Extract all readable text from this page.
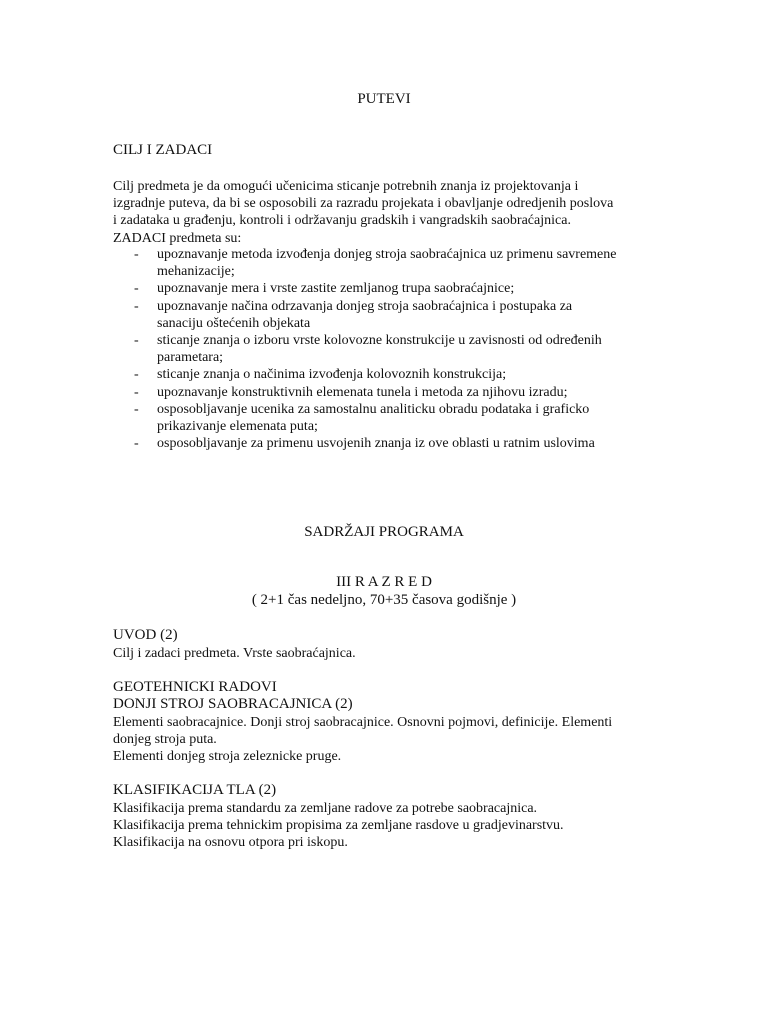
PUTEVI
CILJ I ZADACI
Cilj predmeta je da omogući učenicima sticanje potrebnih znanja iz projektovanja i
izgradnje puteva, da bi se osposobili za razradu projekata i obavljanje odredjenih poslova
i zadataka u građenju, kontroli i održavanju gradskih i vangradskih saobraćajnica.
ZADACI predmeta su:
- upoznavanje metoda izvođenja donjeg stroja saobraćajnica uz primenu savremene
mehanizacije;
- upoznavanje mera i vrste zastite zemljanog trupa saobraćajnice;
- upoznavanje načina odrzavanja donjeg stroja saobraćajnica i postupaka za
sanaciju oštećenih objekata
- sticanje znanja o izboru vrste kolovozne konstrukcije u zavisnosti od određenih
parametara;
- sticanje znanja o načinima izvođenja kolovoznih konstrukcija;
- upoznavanje konstruktivnih elemenata tunela i metoda za njihovu izradu;
- osposobljavanje ucenika za samostalnu analiticku obradu podataka i graficko
prikazivanje elemenata puta;
- osposobljavanje za primenu usvojenih znanja iz ove oblasti u ratnim uslovima
SADRŽAJI PROGRAMA
III R A Z R E D
( 2+1 čas nedeljno, 70+35 časova godišnje )
UVOD (2)
Cilj i zadaci predmeta. Vrste saobraćajnica.
GEOTEHNICKI RADOVI
DONJI STROJ SAOBRACAJNICA (2)
Elementi saobracajnice. Donji stroj saobracajnice. Osnovni pojmovi, definicije. Elementi
donjeg stroja puta.
Elementi donjeg stroja zeleznicke pruge.
KLASIFIKACIJA TLA (2)
Klasifikacija prema standardu za zemljane radove za potrebe saobracajnica.
Klasifikacija prema tehnickim propisima za zemljane rasdove u gradjevinarstvu.
Klasifikacija na osnovu otpora pri iskopu.
